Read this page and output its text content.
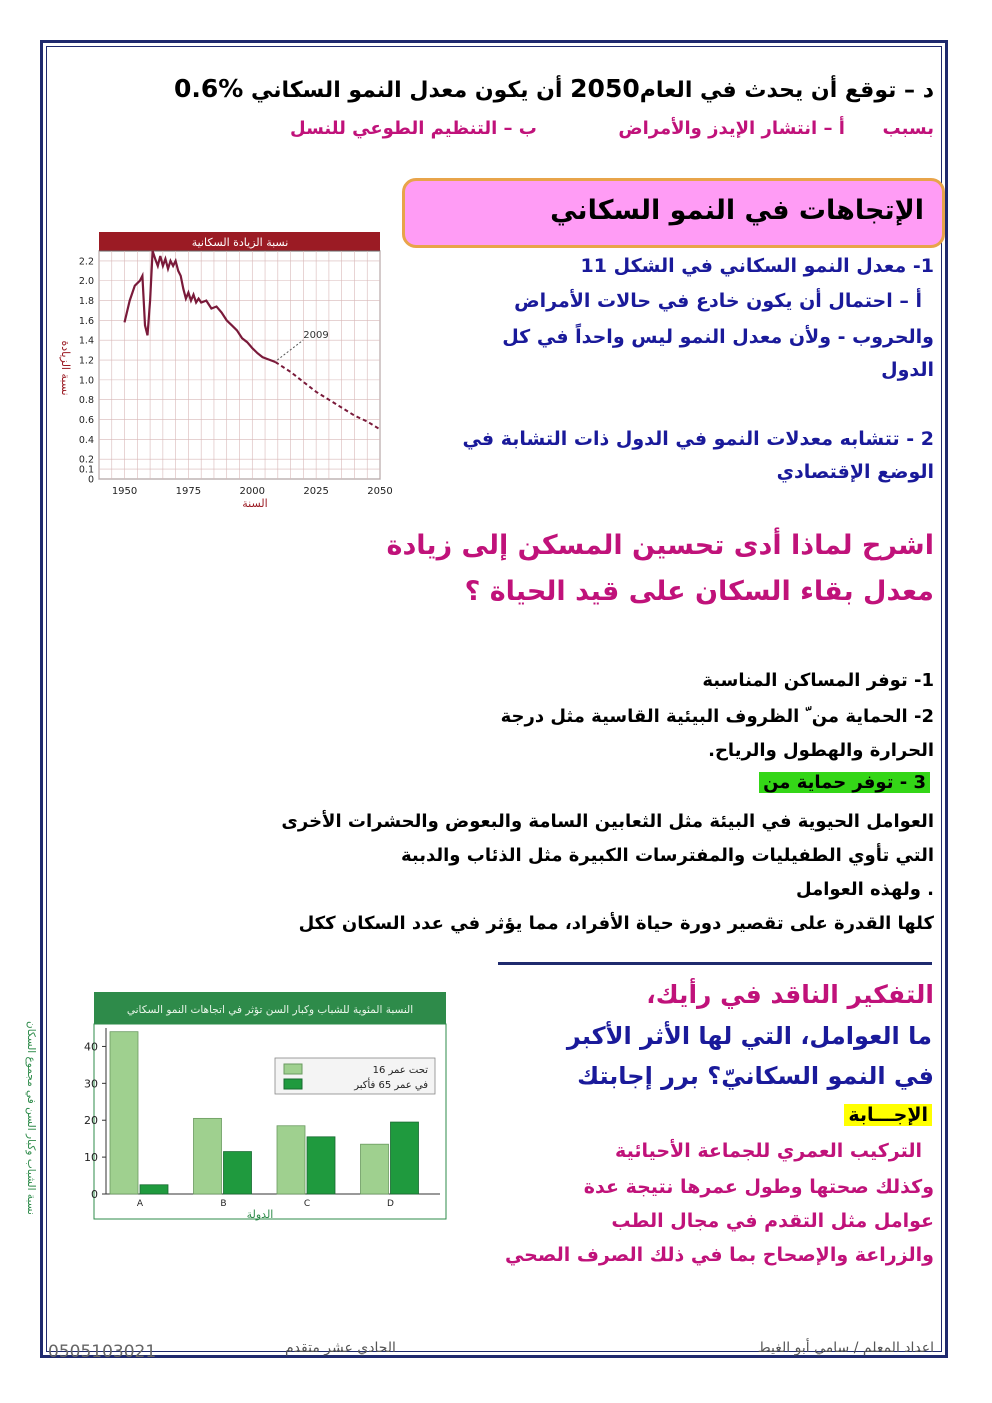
د – توقع أن يحدث في العام2050 أن يكون معدل النمو السكاني 0.6%
بسبب      أ – انتشار الإيدز والأمراض             ب – التنظيم الطوعي للنسل
الإتجاهات في النمو السكاني
1- معدل النمو السكاني في الشكل 11
أ – احتمال أن يكون خادع في حالات الأمراض
والحروب - ولأن معدل النمو ليس واحداً في كل
الدول
2 - تتشابه معدلات النمو في الدول ذات التشابة في
الوضع الإقتصادي
نسبة الزيادة السكانية
0
0.1
0.2
0.4
0.6
0.8
1.0
1.2
1.4
1.6
1.8
2.0
2.2
1950	1975	2000	2025	2050
2009
السنة
نسبة الزيادة
اشرح لماذا أدى تحسين المسكن إلى زيادة
معدل بقاء السكان على قيد الحياة ؟
1- توفر المساكن المناسبة
2- الحماية من ّ الظروف البيئية القاسية مثل درجة
الحرارة والهطول والرياح.
3 - توفر حماية من
العوامل الحيوية في البيئة مثل الثعابين السامة والبعوض والحشرات الأخرى
التي تأوي الطفيليات والمفترسات الكبيرة مثل الذئاب والدببة
. ولهذه العوامل
كلها القدرة على تقصير دورة حياة الأفراد، مما يؤثر في عدد السكان ككل
التفكير الناقد في رأيك،
ما العوامل، التي لها الأثر الأكبر
في النمو السكانيّ؟ برر إجابتك
الإجـــابة
التركيب العمري للجماعة الأحيائية
وكذلك صحتها وطول عمرها نتيجة عدة
عوامل مثل التقدم في مجال الطب
والزراعة والإصحاح بما في ذلك الصرف الصحي
النسبة المئوية للشباب وكبار السن تؤثر في اتجاهات النمو السكاني
0
10
20
30
40
A	B	C	D
تحت عمر 16
في عمر 65 فأكبر
الدولة
نسبة الشباب وكبار السن في مجموع السكان
اعداد المعلم / سامي أبو الغيط
الحادي عشر متقدم
0505103021
